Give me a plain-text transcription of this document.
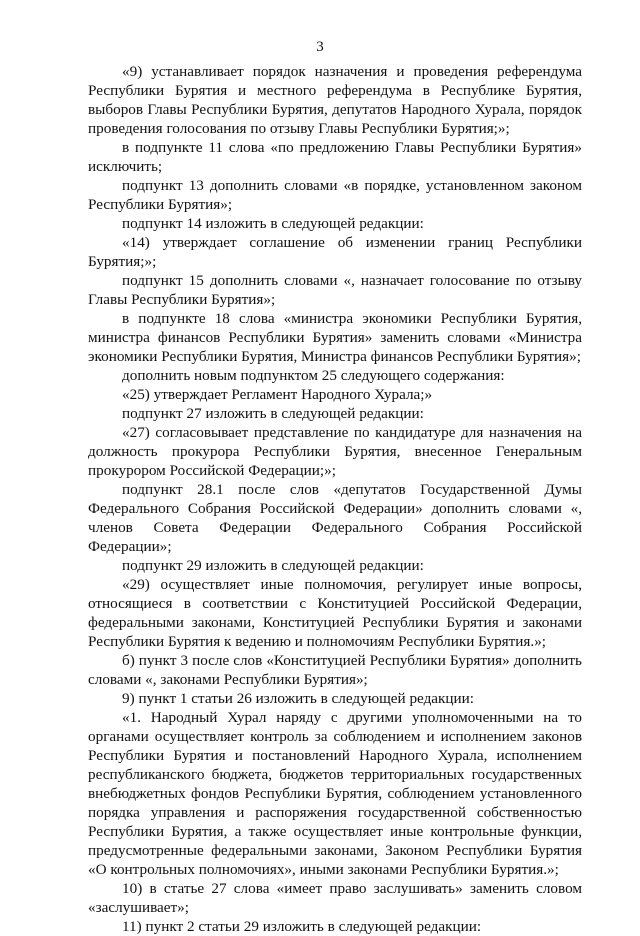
3

«9) устанавливает порядок назначения и проведения референдума Республики Бурятия и местного референдума в Республике Бурятия, выборов Главы Республики Бурятия, депутатов Народного Хурала, порядок проведения голосования по отзыву Главы Республики Бурятия;»;

в подпункте 11 слова «по предложению Главы Республики Бурятия» исключить;

подпункт 13 дополнить словами «в порядке, установленном законом Республики Бурятия»;

подпункт 14 изложить в следующей редакции:

«14) утверждает соглашение об изменении границ Республики Бурятия;»;

подпункт 15 дополнить словами «, назначает голосование по отзыву Главы Республики Бурятия»;

в подпункте 18 слова «министра экономики Республики Бурятия, министра финансов Республики Бурятия» заменить словами «Министра экономики Республики Бурятия, Министра финансов Республики Бурятия»;

дополнить новым подпунктом 25 следующего содержания:

«25) утверждает Регламент Народного Хурала;»

подпункт 27 изложить в следующей редакции:

«27) согласовывает представление по кандидатуре для назначения на должность прокурора Республики Бурятия, внесенное Генеральным прокурором Российской Федерации;»;

подпункт 28.1 после слов «депутатов Государственной Думы Федерального Собрания Российской Федерации» дополнить словами «, членов Совета Федерации Федерального Собрания Российской Федерации»;

подпункт 29 изложить в следующей редакции:

«29) осуществляет иные полномочия, регулирует иные вопросы, относящиеся в соответствии с Конституцией Российской Федерации, федеральными законами, Конституцией Республики Бурятия и законами Республики Бурятия к ведению и полномочиям Республики Бурятия.»;

б) пункт 3 после слов «Конституцией Республики Бурятия» дополнить словами «, законами Республики Бурятия»;

9) пункт 1 статьи 26 изложить в следующей редакции:

«1. Народный Хурал наряду с другими уполномоченными на то органами осуществляет контроль за соблюдением и исполнением законов Республики Бурятия и постановлений Народного Хурала, исполнением республиканского бюджета, бюджетов территориальных государственных внебюджетных фондов Республики Бурятия, соблюдением установленного порядка управления и распоряжения государственной собственностью Республики Бурятия, а также осуществляет иные контрольные функции, предусмотренные федеральными законами, Законом Республики Бурятия «О контрольных полномочиях», иными законами Республики Бурятия.»;

10) в статье 27 слова «имеет право заслушивать» заменить словом «заслушивает»;

11) пункт 2 статьи 29 изложить в следующей редакции:
